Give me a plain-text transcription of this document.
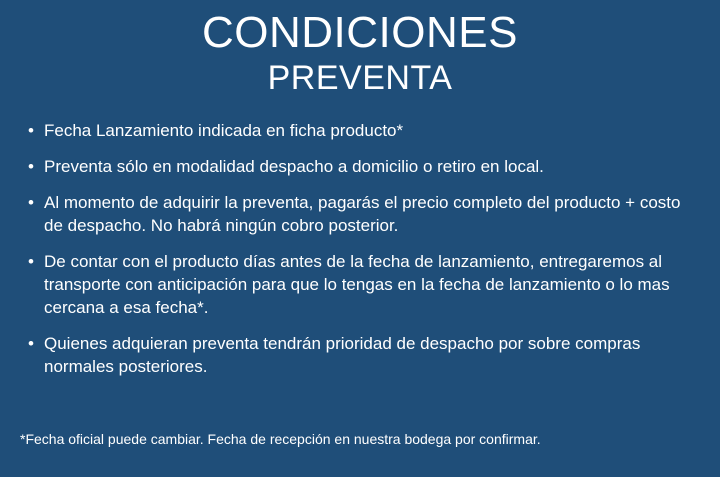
CONDICIONES
PREVENTA
• Fecha Lanzamiento indicada en ficha producto*
• Preventa sólo en modalidad despacho a domicilio o retiro en local.
• Al momento de adquirir la preventa, pagarás el precio completo del producto + costo de despacho. No habrá ningún cobro posterior.
• De contar con el producto días antes de la fecha de lanzamiento, entregaremos al transporte con anticipación para que lo tengas en la fecha de lanzamiento o lo mas cercana a esa fecha*.
• Quienes adquieran preventa tendrán prioridad de despacho por sobre compras normales posteriores.
*Fecha oficial puede cambiar. Fecha de recepción en nuestra bodega por confirmar.
